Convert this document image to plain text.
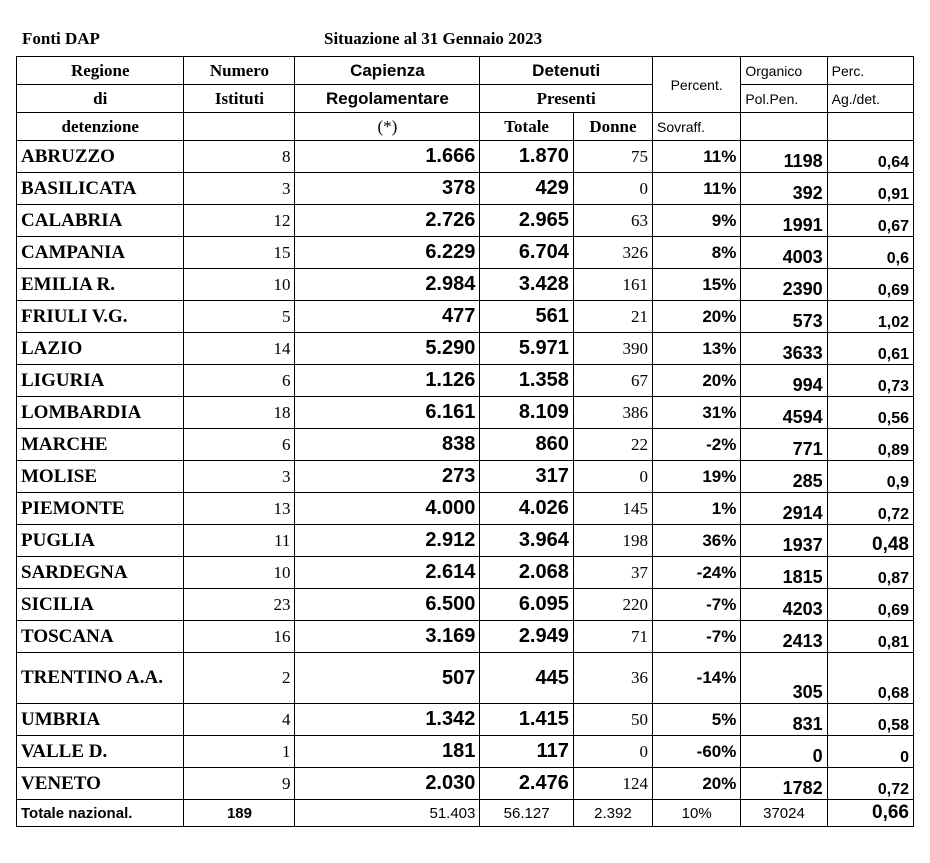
Fonti DAP	Situazione al 31 Gennaio 2023
Regione	Numero	Capienza	Detenuti		Percent.	Organico	Perc.
di	Istituti	Regolamentare	Presenti			Pol.Pen.	Ag./det.
detenzione		(*)	Totale	Donne	Sovraff.		
ABRUZZO	8	1.666	1.870	75	11%	1198	0,64
BASILICATA	3	378	429	0	11%	392	0,91
CALABRIA	12	2.726	2.965	63	9%	1991	0,67
CAMPANIA	15	6.229	6.704	326	8%	4003	0,6
EMILIA R.	10	2.984	3.428	161	15%	2390	0,69
FRIULI V.G.	5	477	561	21	20%	573	1,02
LAZIO	14	5.290	5.971	390	13%	3633	0,61
LIGURIA	6	1.126	1.358	67	20%	994	0,73
LOMBARDIA	18	6.161	8.109	386	31%	4594	0,56
MARCHE	6	838	860	22	-2%	771	0,89
MOLISE	3	273	317	0	19%	285	0,9
PIEMONTE	13	4.000	4.026	145	1%	2914	0,72
PUGLIA	11	2.912	3.964	198	36%	1937	0,48
SARDEGNA	10	2.614	2.068	37	-24%	1815	0,87
SICILIA	23	6.500	6.095	220	-7%	4203	0,69
TOSCANA	16	3.169	2.949	71	-7%	2413	0,81
TRENTINO A.A.	2	507	445	36	-14%	305	0,68
UMBRIA	4	1.342	1.415	50	5%	831	0,58
VALLE D.	1	181	117	0	-60%	0	0
VENETO	9	2.030	2.476	124	20%	1782	0,72
Totale nazional.	189	51.403	56.127	2.392	10%	37024	0,66
